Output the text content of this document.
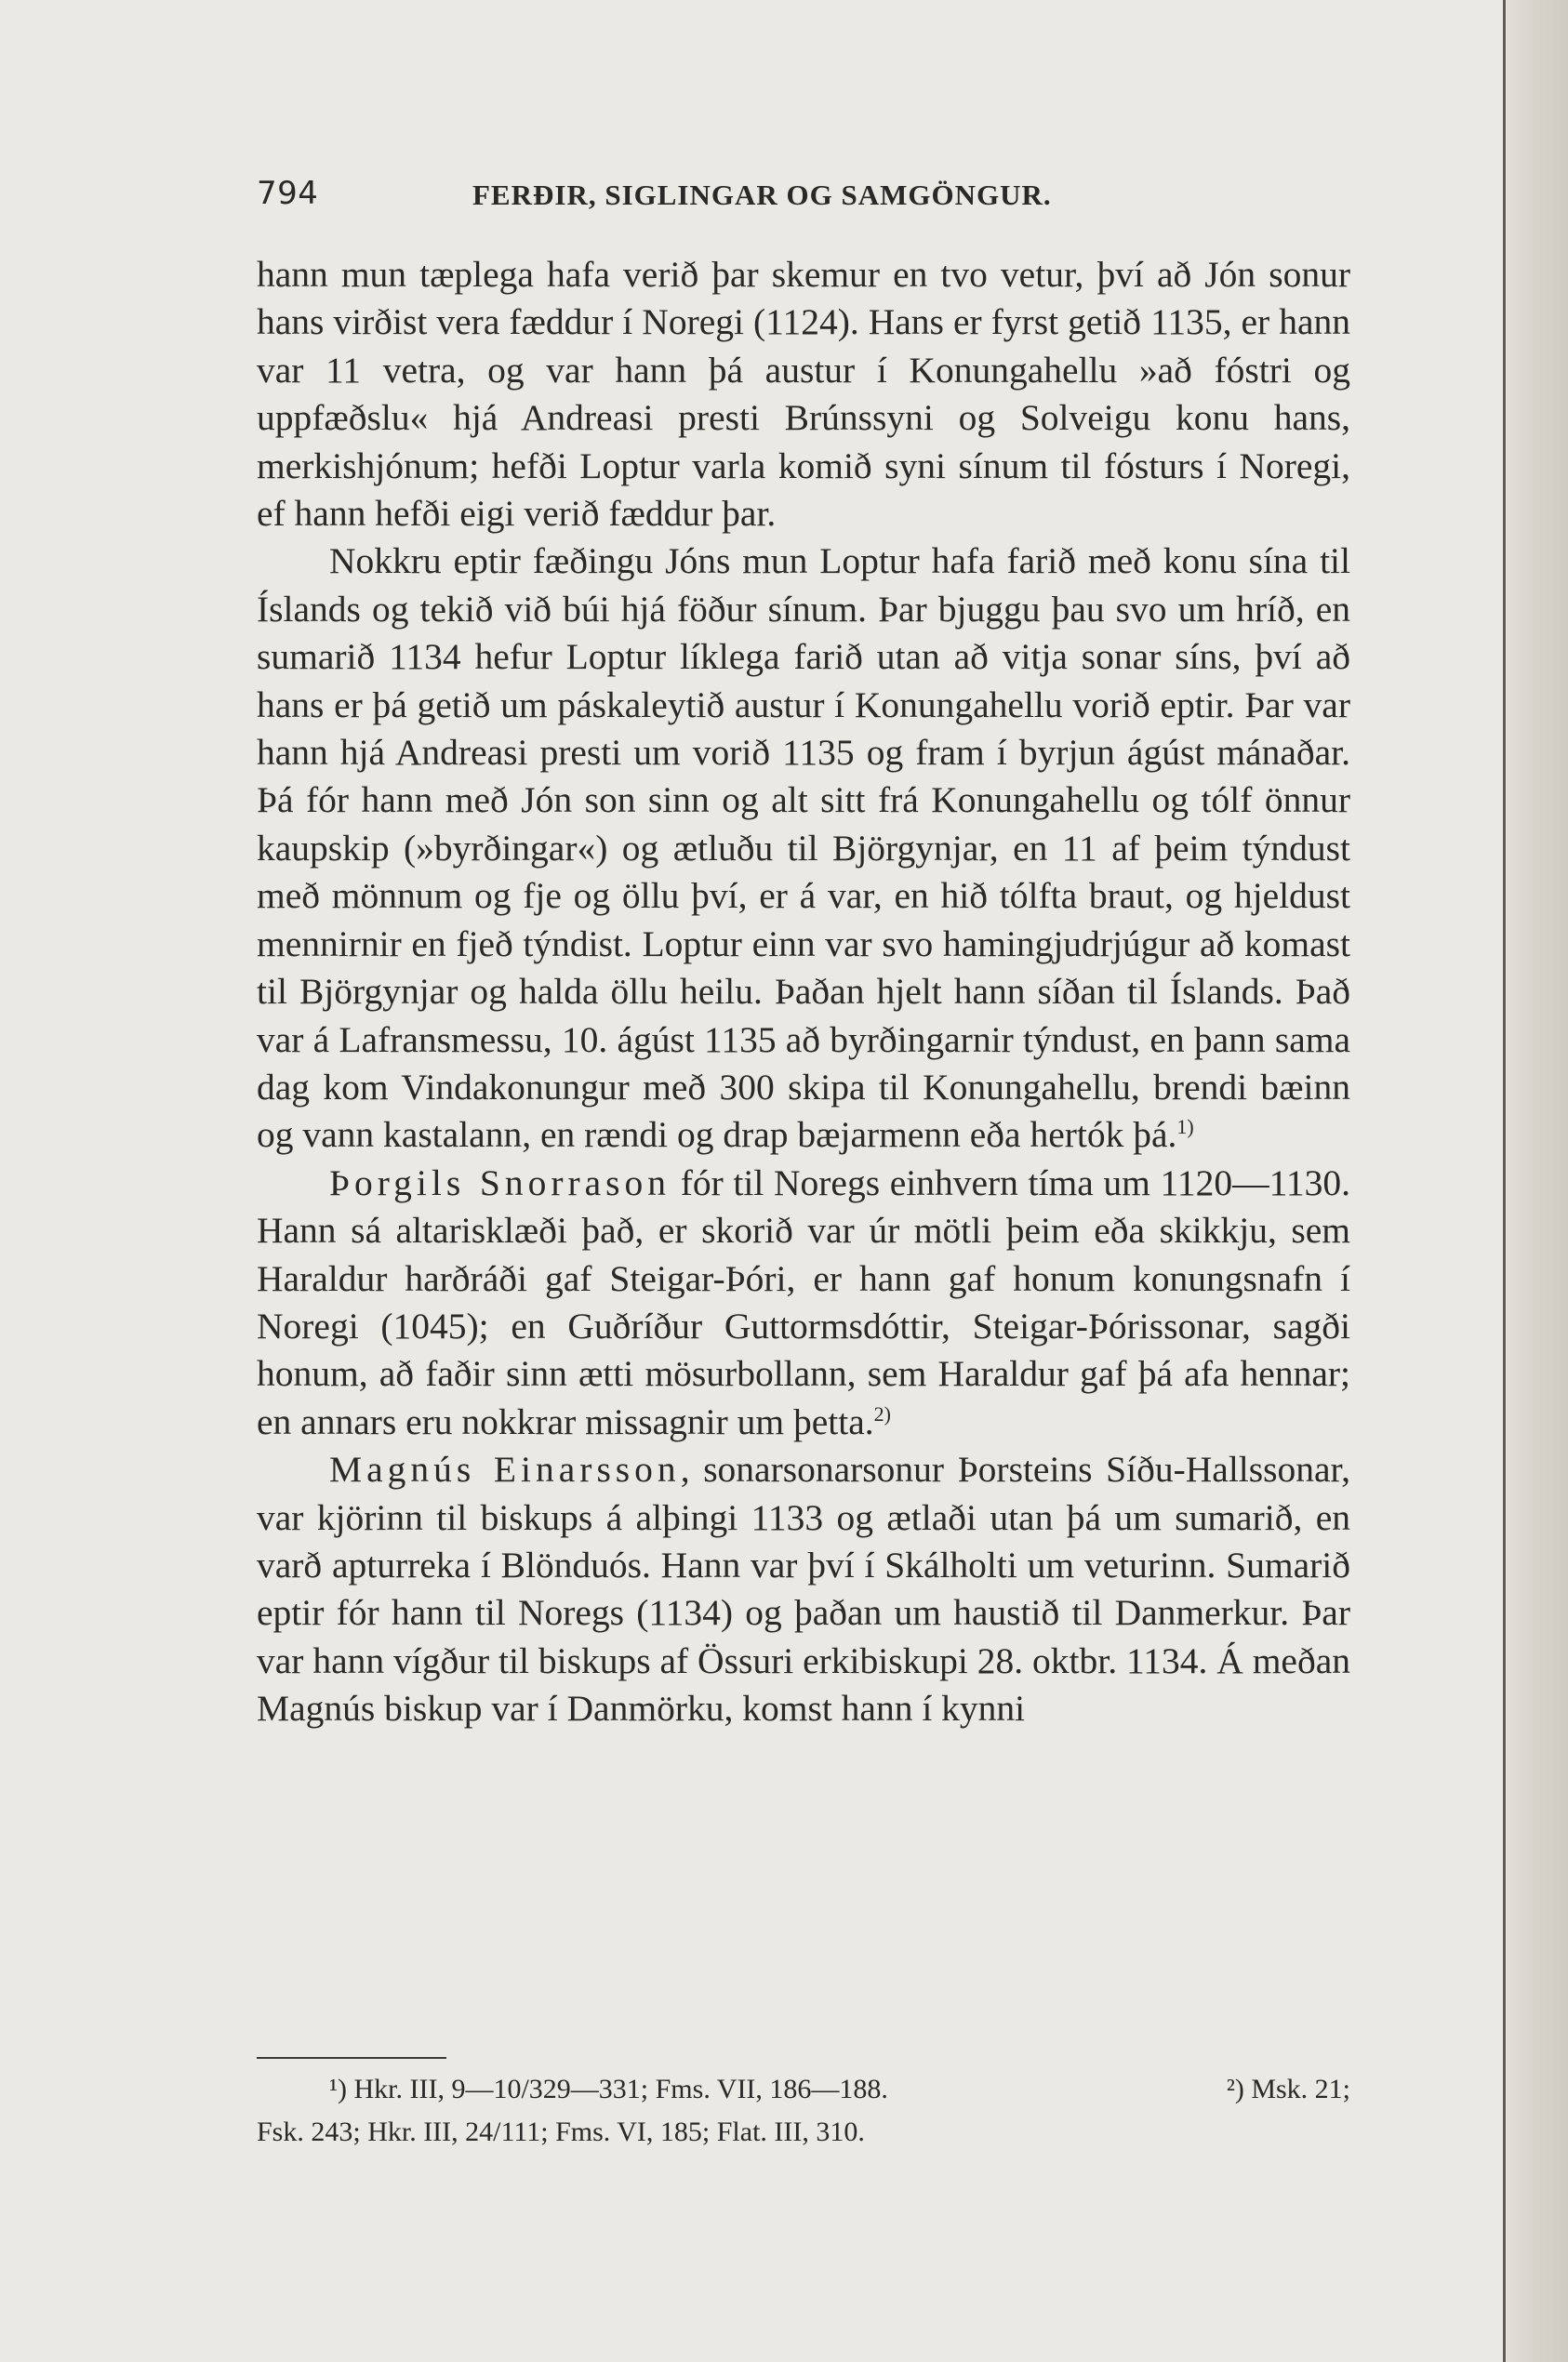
794	FERÐIR, SIGLINGAR OG SAMGÖNGUR.

hann mun tæplega hafa verið þar skemur en tvo vetur, því að Jón sonur hans virðist vera fæddur í Noregi (1124). Hans er fyrst getið 1135, er hann var 11 vetra, og var hann þá austur í Konungahellu »að fóstri og uppfæðslu« hjá Andreasi presti Brúnssyni og Solveigu konu hans, merkishjónum; hefði Loptur varla komið syni sínum til fósturs í Noregi, ef hann hefði eigi verið fæddur þar.

Nokkru eptir fæðingu Jóns mun Loptur hafa farið með konu sína til Íslands og tekið við búi hjá föður sínum. Þar bjuggu þau svo um hríð, en sumarið 1134 hefur Loptur líklega farið utan að vitja sonar síns, því að hans er þá getið um páskaleytið austur í Konungahellu vorið eptir. Þar var hann hjá Andreasi presti um vorið 1135 og fram í byrjun ágúst mánaðar. Þá fór hann með Jón son sinn og alt sitt frá Konungahellu og tólf önnur kaupskip (»byrðingar«) og ætluðu til Björgynjar, en 11 af þeim týndust með mönnum og fje og öllu því, er á var, en hið tólfta braut, og hjeldust mennirnir en fjeð týndist. Loptur einn var svo hamingjudrjúgur að komast til Björgynjar og halda öllu heilu. Þaðan hjelt hann síðan til Íslands. Það var á Lafransmessu, 10. ágúst 1135 að byrðingarnir týndust, en þann sama dag kom Vindakonungur með 300 skipa til Konungahellu, brendi bæinn og vann kastalann, en rændi og drap bæjarmenn eða hertók þá.$^{1)}$

Þorgils Snorrason fór til Noregs einhvern tíma um 1120—1130. Hann sá altarisklæði það, er skorið var úr mötli þeim eða skikkju, sem Haraldur harðráði gaf Steigar-Þóri, er hann gaf honum konungsnafn í Noregi (1045); en Guðríður Guttormsdóttir, Steigar-Þórissonar, sagði honum, að faðir sinn ætti mösurbollann, sem Haraldur gaf þá afa hennar; en annars eru nokkrar missagnir um þetta.$^{2)}$

Magnús Einarsson, sonarsonarsonur Þorsteins Síðu-Hallssonar, var kjörinn til biskups á alþingi 1133 og ætlaði utan þá um sumarið, en varð apturreka í Blönduós. Hann var því í Skálholti um veturinn. Sumarið eptir fór hann til Noregs (1134) og þaðan um haustið til Danmerkur. Þar var hann vígður til biskups af Össuri erkibiskupi 28. oktbr. 1134. Á meðan Magnús biskup var í Danmörku, komst hann í kynni

¹) Hkr. III, 9—10/329—331; Fms. VII, 186—188.	²) Msk. 21;

Fsk. 243; Hkr. III, 24/111; Fms. VI, 185; Flat. III, 310.
